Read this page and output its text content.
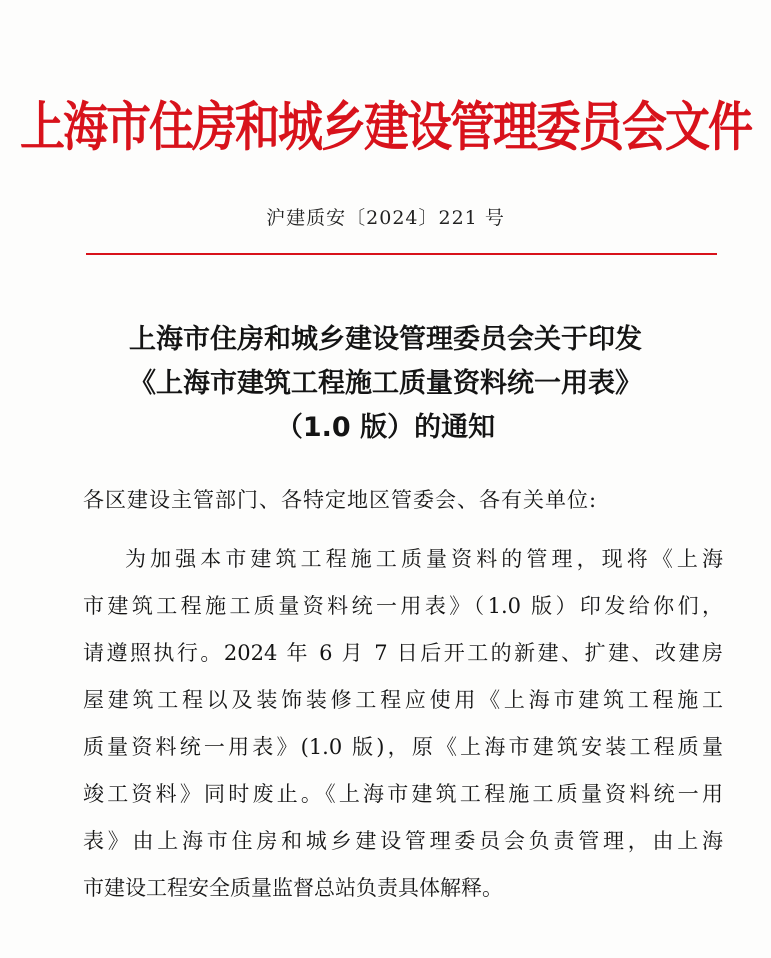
上海市住房和城乡建设管理委员会文件
沪建质安〔2024〕221 号
上海市住房和城乡建设管理委员会关于印发
《上海市建筑工程施工质量资料统一用表》
（1.0 版）的通知
各区建设主管部门、各特定地区管委会、各有关单位:
为加强本市建筑工程施工质量资料的管理，现将《上海
市建筑工程施工质量资料统一用表》（1.0 版）印发给你们，
请遵照执行。2024 年 6 月 7 日后开工的新建、扩建、改建房
屋建筑工程以及装饰装修工程应使用《上海市建筑工程施工
质量资料统一用表》(1.0 版)，原《上海市建筑安装工程质量
竣工资料》同时废止。《上海市建筑工程施工质量资料统一用
表》由上海市住房和城乡建设管理委员会负责管理，由上海
市建设工程安全质量监督总站负责具体解释。
